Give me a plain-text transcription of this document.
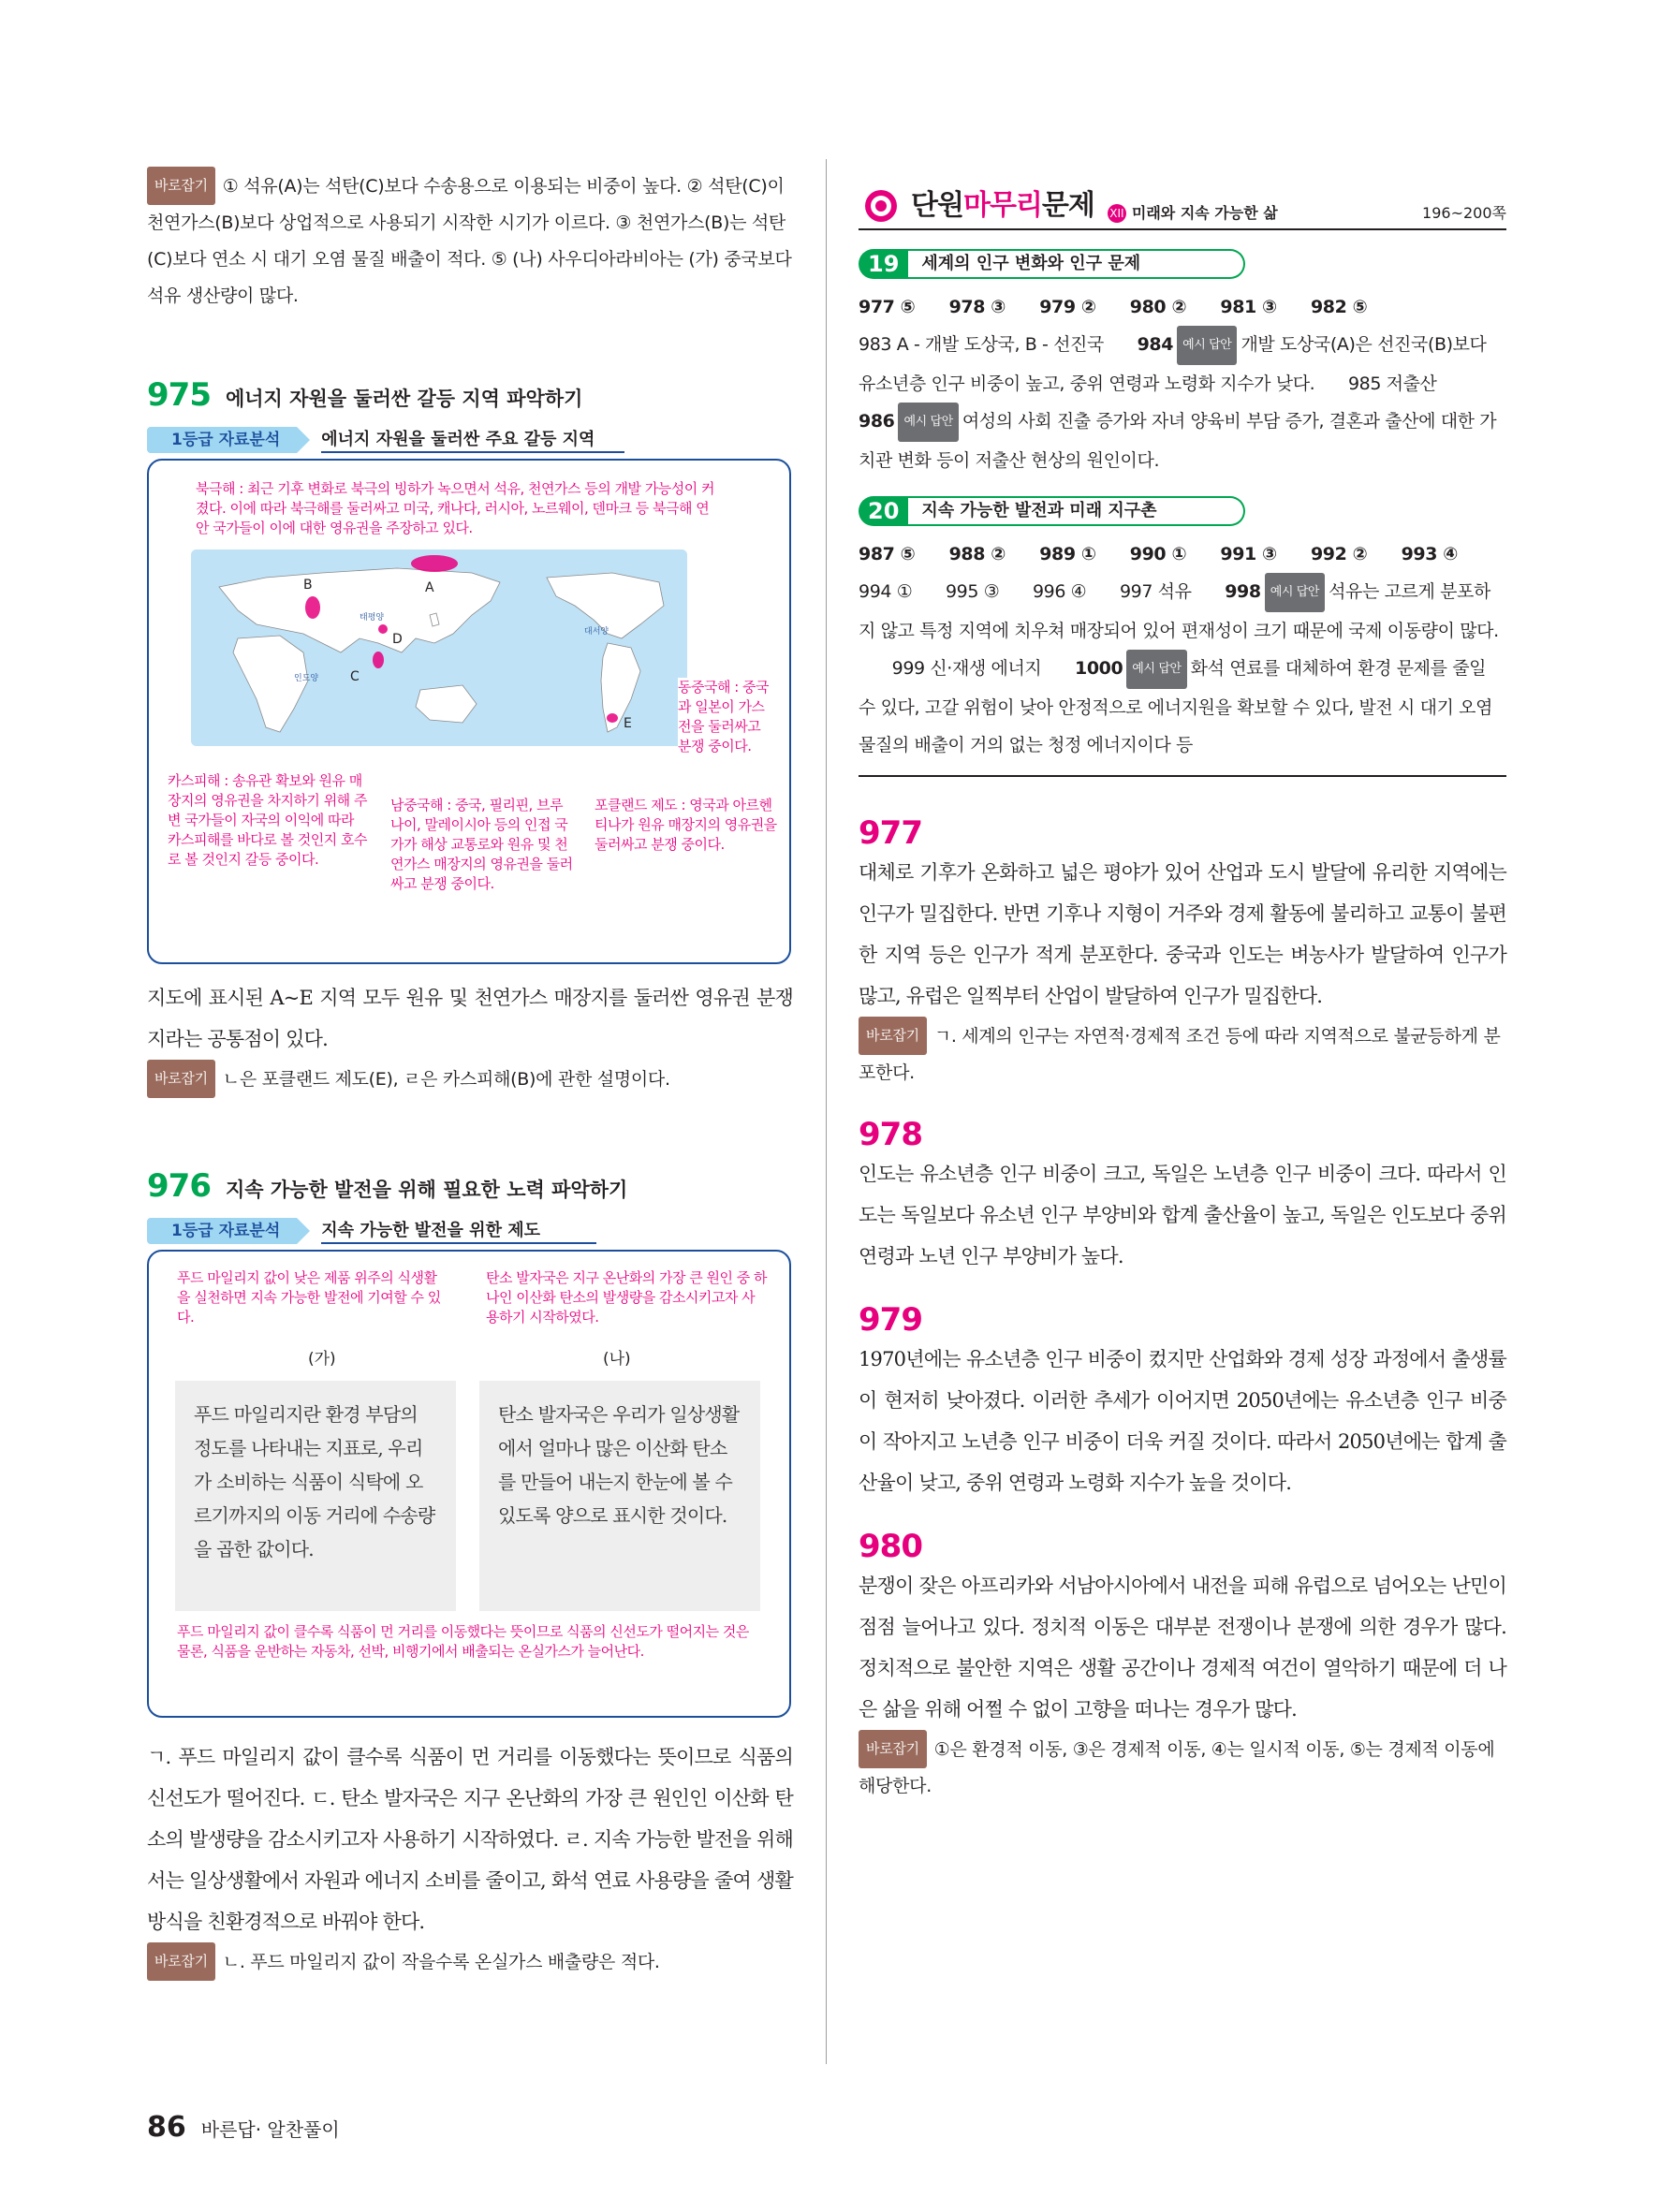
바로잡기 ① 석유(A)는 석탄(C)보다 수송용으로 이용되는 비중이 높다. ② 석탄(C)이 천연가스(B)보다 상업적으로 사용되기 시작한 시기가 이르다. ③ 천연가스(B)는 석탄(C)보다 연소 시 대기 오염 물질 배출이 적다. ⑤ (나) 사우디아라비아는 (가) 중국보다 석유 생산량이 많다.
975 에너지 자원을 둘러싼 갈등 지역 파악하기
1등급 자료분석	에너지 자원을 둘러싼 주요 갈등 지역
북극해 : 최근 기후 변화로 북극의 빙하가 녹으면서 석유, 천연가스 등의 개발 가능성이 커졌다. 이에 따라 북극해를 둘러싸고 미국, 캐나다, 러시아, 노르웨이, 덴마크 등 북극해 연안 국가들이 이에 대한 영유권을 주장하고 있다.
태평양
인도양
대서양
A
B
C
D
E
동중국해 : 중국과 일본이 가스전을 둘러싸고 분쟁 중이다.
카스피해 : 송유관 확보와 원유 매장지의 영유권을 차지하기 위해 주변 국가들이 자국의 이익에 따라 카스피해를 바다로 볼 것인지 호수로 볼 것인지 갈등 중이다.
남중국해 : 중국, 필리핀, 브루나이, 말레이시아 등의 인접 국가가 해상 교통로와 원유 및 천연가스 매장지의 영유권을 둘러싸고 분쟁 중이다.
포클랜드 제도 : 영국과 아르헨티나가 원유 매장지의 영유권을 둘러싸고 분쟁 중이다.
지도에 표시된 A~E 지역 모두 원유 및 천연가스 매장지를 둘러싼 영유권 분쟁지라는 공통점이 있다.
바로잡기 ㄴ은 포클랜드 제도(E), ㄹ은 카스피해(B)에 관한 설명이다.
976 지속 가능한 발전을 위해 필요한 노력 파악하기
1등급 자료분석	지속 가능한 발전을 위한 제도
푸드 마일리지 값이 낮은 제품 위주의 식생활을 실천하면 지속 가능한 발전에 기여할 수 있다.
탄소 발자국은 지구 온난화의 가장 큰 원인 중 하나인 이산화 탄소의 발생량을 감소시키고자 사용하기 시작하였다.
(가)	(나)
푸드 마일리지란 환경 부담의 정도를 나타내는 지표로, 우리가 소비하는 식품이 식탁에 오르기까지의 이동 거리에 수송량을 곱한 값이다.
탄소 발자국은 우리가 일상생활에서 얼마나 많은 이산화 탄소를 만들어 내는지 한눈에 볼 수 있도록 양으로 표시한 것이다.
푸드 마일리지 값이 클수록 식품이 먼 거리를 이동했다는 뜻이므로 식품의 신선도가 떨어지는 것은 물론, 식품을 운반하는 자동차, 선박, 비행기에서 배출되는 온실가스가 늘어난다.
ㄱ. 푸드 마일리지 값이 클수록 식품이 먼 거리를 이동했다는 뜻이므로 식품의 신선도가 떨어진다. ㄷ. 탄소 발자국은 지구 온난화의 가장 큰 원인인 이산화 탄소의 발생량을 감소시키고자 사용하기 시작하였다. ㄹ. 지속 가능한 발전을 위해서는 일상생활에서 자원과 에너지 소비를 줄이고, 화석 연료 사용량을 줄여 생활 방식을 친환경적으로 바꿔야 한다.
바로잡기 ㄴ. 푸드 마일리지 값이 작을수록 온실가스 배출량은 적다.
단원마무리문제 XII 미래와 지속 가능한 삶	196~200쪽
19	세계의 인구 변화와 인구 문제
977 ⑤ 978 ③ 979 ② 980 ② 981 ③ 982 ⑤
983 A - 개발 도상국, B - 선진국 984 예시 답안 개발 도상국(A)은 선진국(B)보다 유소년층 인구 비중이 높고, 중위 연령과 노령화 지수가 낮다. 985 저출산
986 예시 답안 여성의 사회 진출 증가와 자녀 양육비 부담 증가, 결혼과 출산에 대한 가치관 변화 등이 저출산 현상의 원인이다.
20	지속 가능한 발전과 미래 지구촌
987 ⑤ 988 ② 989 ① 990 ① 991 ③ 992 ② 993 ④
994 ① 995 ③ 996 ④ 997 석유 998 예시 답안 석유는 고르게 분포하지 않고 특정 지역에 치우쳐 매장되어 있어 편재성이 크기 때문에 국제 이동량이 많다. 999 신·재생 에너지 1000 예시 답안 화석 연료를 대체하여 환경 문제를 줄일 수 있다, 고갈 위험이 낮아 안정적으로 에너지원을 확보할 수 있다, 발전 시 대기 오염 물질의 배출이 거의 없는 청정 에너지이다 등
977
대체로 기후가 온화하고 넓은 평야가 있어 산업과 도시 발달에 유리한 지역에는 인구가 밀집한다. 반면 기후나 지형이 거주와 경제 활동에 불리하고 교통이 불편한 지역 등은 인구가 적게 분포한다. 중국과 인도는 벼농사가 발달하여 인구가 많고, 유럽은 일찍부터 산업이 발달하여 인구가 밀집한다.
바로잡기 ㄱ. 세계의 인구는 자연적·경제적 조건 등에 따라 지역적으로 불균등하게 분포한다.
978
인도는 유소년층 인구 비중이 크고, 독일은 노년층 인구 비중이 크다. 따라서 인도는 독일보다 유소년 인구 부양비와 합계 출산율이 높고, 독일은 인도보다 중위 연령과 노년 인구 부양비가 높다.
979
1970년에는 유소년층 인구 비중이 컸지만 산업화와 경제 성장 과정에서 출생률이 현저히 낮아졌다. 이러한 추세가 이어지면 2050년에는 유소년층 인구 비중이 작아지고 노년층 인구 비중이 더욱 커질 것이다. 따라서 2050년에는 합계 출산율이 낮고, 중위 연령과 노령화 지수가 높을 것이다.
980
분쟁이 잦은 아프리카와 서남아시아에서 내전을 피해 유럽으로 넘어오는 난민이 점점 늘어나고 있다. 정치적 이동은 대부분 전쟁이나 분쟁에 의한 경우가 많다. 정치적으로 불안한 지역은 생활 공간이나 경제적 여건이 열악하기 때문에 더 나은 삶을 위해 어쩔 수 없이 고향을 떠나는 경우가 많다.
바로잡기 ①은 환경적 이동, ③은 경제적 이동, ④는 일시적 이동, ⑤는 경제적 이동에 해당한다.
86 바른답· 알찬풀이
